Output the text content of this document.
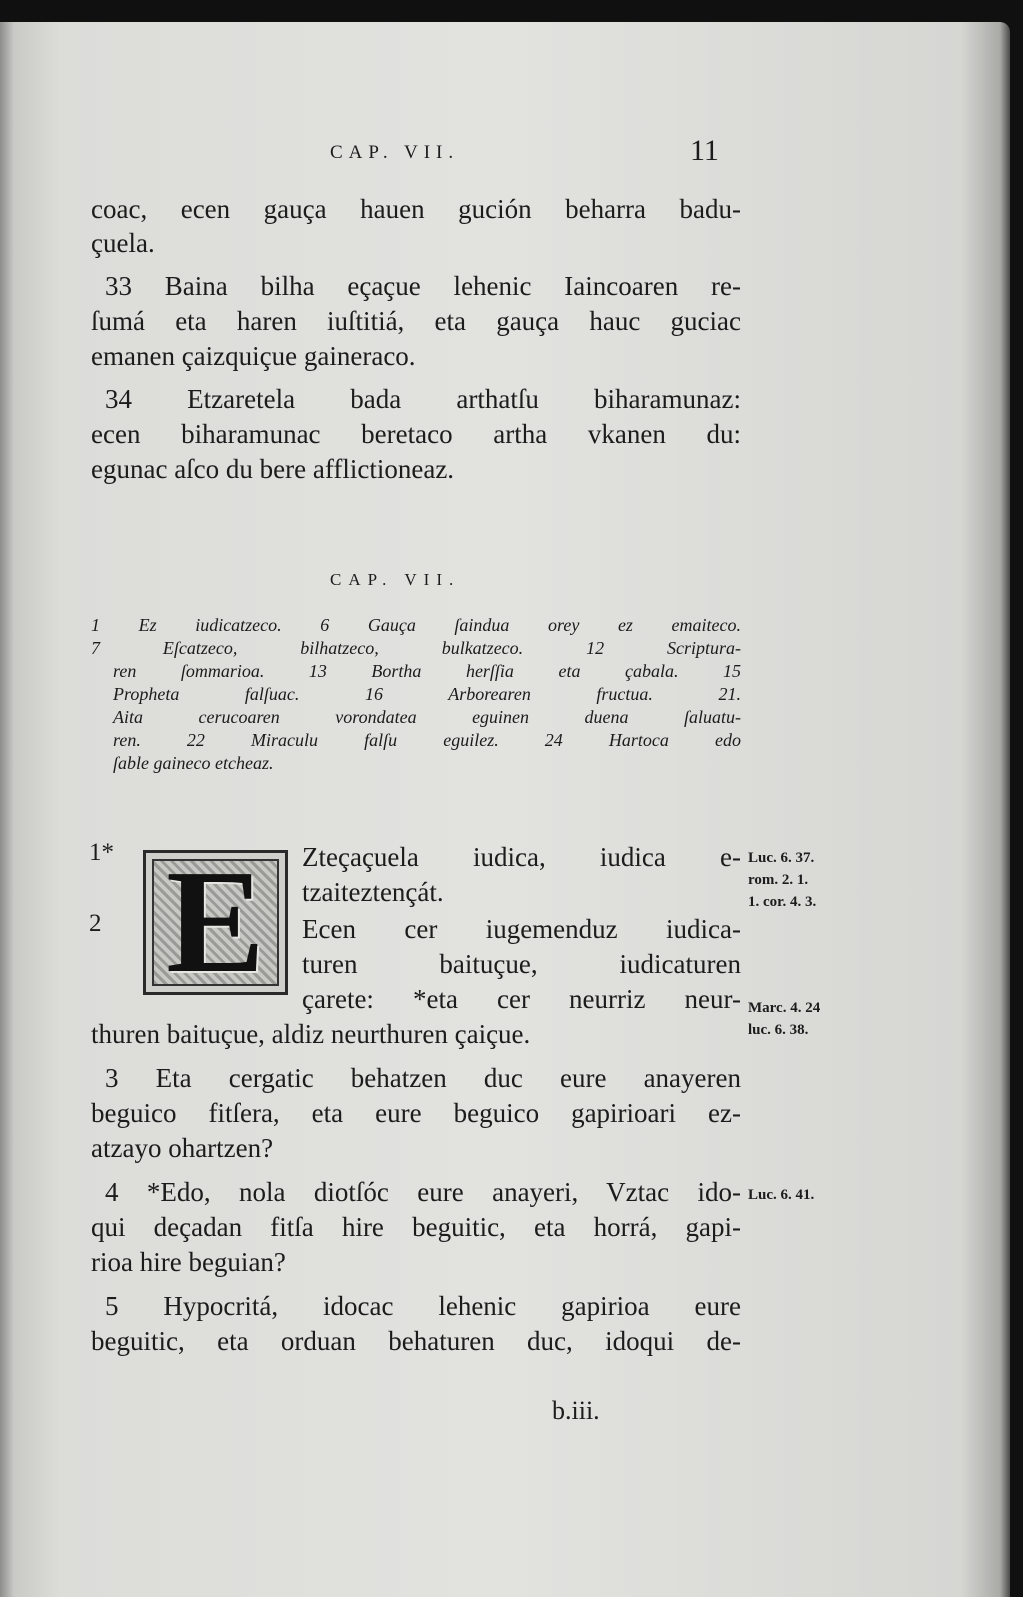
CAP. VII.	11
coac, ecen gauça hauen gución beharra badu-
çuela.
33 Baina bilha eçaçue lehenic Iaincoaren re-
ſumá eta haren iuſtitiá, eta gauça hauc guciac
emanen çaizquiçue gaineraco.
34 Etzaretela bada arthatſu biharamunaz:
ecen biharamunac beretaco artha vkanen du:
egunac aſco du bere afflictioneaz.
CAP. VII.
1 Ez iudicatzeco. 6 Gauça ſaindua orey ez emaiteco.
7 Eſcatzeco, bilhatzeco, bulkatzeco. 12 Scriptura-
ren ſommarioa. 13 Bortha herſſia eta çabala. 15
Propheta falſuac. 16 Arborearen fructua. 21.
Aita cerucoaren vorondatea eguinen duena ſaluatu-
ren. 22 Miraculu falſu eguilez. 24 Hartoca edo
ſable gaineco etcheaz.
1*
2 E	Zteçaçuela iudica, iudica e-
tzaiteztençát.
Ecen cer iugemenduz iudica-
turen baituçue, iudicaturen
çarete: *eta cer neurriz neur-
thuren baituçue, aldiz neurthuren çaiçue.
3 Eta cergatic behatzen duc eure anayeren
beguico fitſera, eta eure beguico gapirioari ez-
atzayo ohartzen?
4 *Edo, nola diotſóc eure anayeri, Vztac ido-
qui deçadan fitſa hire beguitic, eta horrá, gapi-
rioa hire beguian?
5 Hypocritá, idocac lehenic gapirioa eure
beguitic, eta orduan behaturen duc, idoqui de-
Luc. 6. 37.
rom. 2. 1.
1. cor. 4. 3.
Marc. 4. 24
luc. 6. 38.
Luc. 6. 41.
b.iii.
